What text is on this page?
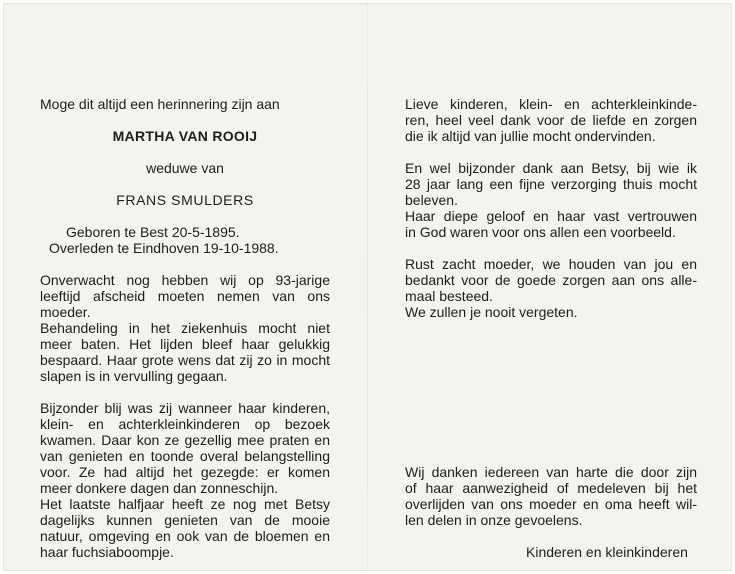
Moge dit altijd een herinnering zijn aan
MARTHA VAN ROOIJ
weduwe van
FRANS SMULDERS
Geboren te Best 20-5-1895.
Overleden te Eindhoven 19-10-1988.
Onverwacht nog hebben wij op 93-jarige
leeftijd afscheid moeten nemen van ons
moeder.
Behandeling in het ziekenhuis mocht niet
meer baten. Het lijden bleef haar gelukkig
bespaard. Haar grote wens dat zij zo in mocht
slapen is in vervulling gegaan.
Bijzonder blij was zij wanneer haar kinderen,
klein- en achterkleinkinderen op bezoek
kwamen. Daar kon ze gezellig mee praten en
van genieten en toonde overal belangstelling
voor. Ze had altijd het gezegde: er komen
meer donkere dagen dan zonneschijn.
Het laatste halfjaar heeft ze nog met Betsy
dagelijks kunnen genieten van de mooie
natuur, omgeving en ook van de bloemen en
haar fuchsiaboompje.
Lieve kinderen, klein- en achterkleinkinde-
ren, heel veel dank voor de liefde en zorgen
die ik altijd van jullie mocht ondervinden.
En wel bijzonder dank aan Betsy, bij wie ik
28 jaar lang een fijne verzorging thuis mocht
beleven.
Haar diepe geloof en haar vast vertrouwen
in God waren voor ons allen een voorbeeld.
Rust zacht moeder, we houden van jou en
bedankt voor de goede zorgen aan ons alle-
maal besteed.
We zullen je nooit vergeten.
Wij danken iedereen van harte die door zijn
of haar aanwezigheid of medeleven bij het
overlijden van ons moeder en oma heeft wil-
len delen in onze gevoelens.
Kinderen en kleinkinderen
